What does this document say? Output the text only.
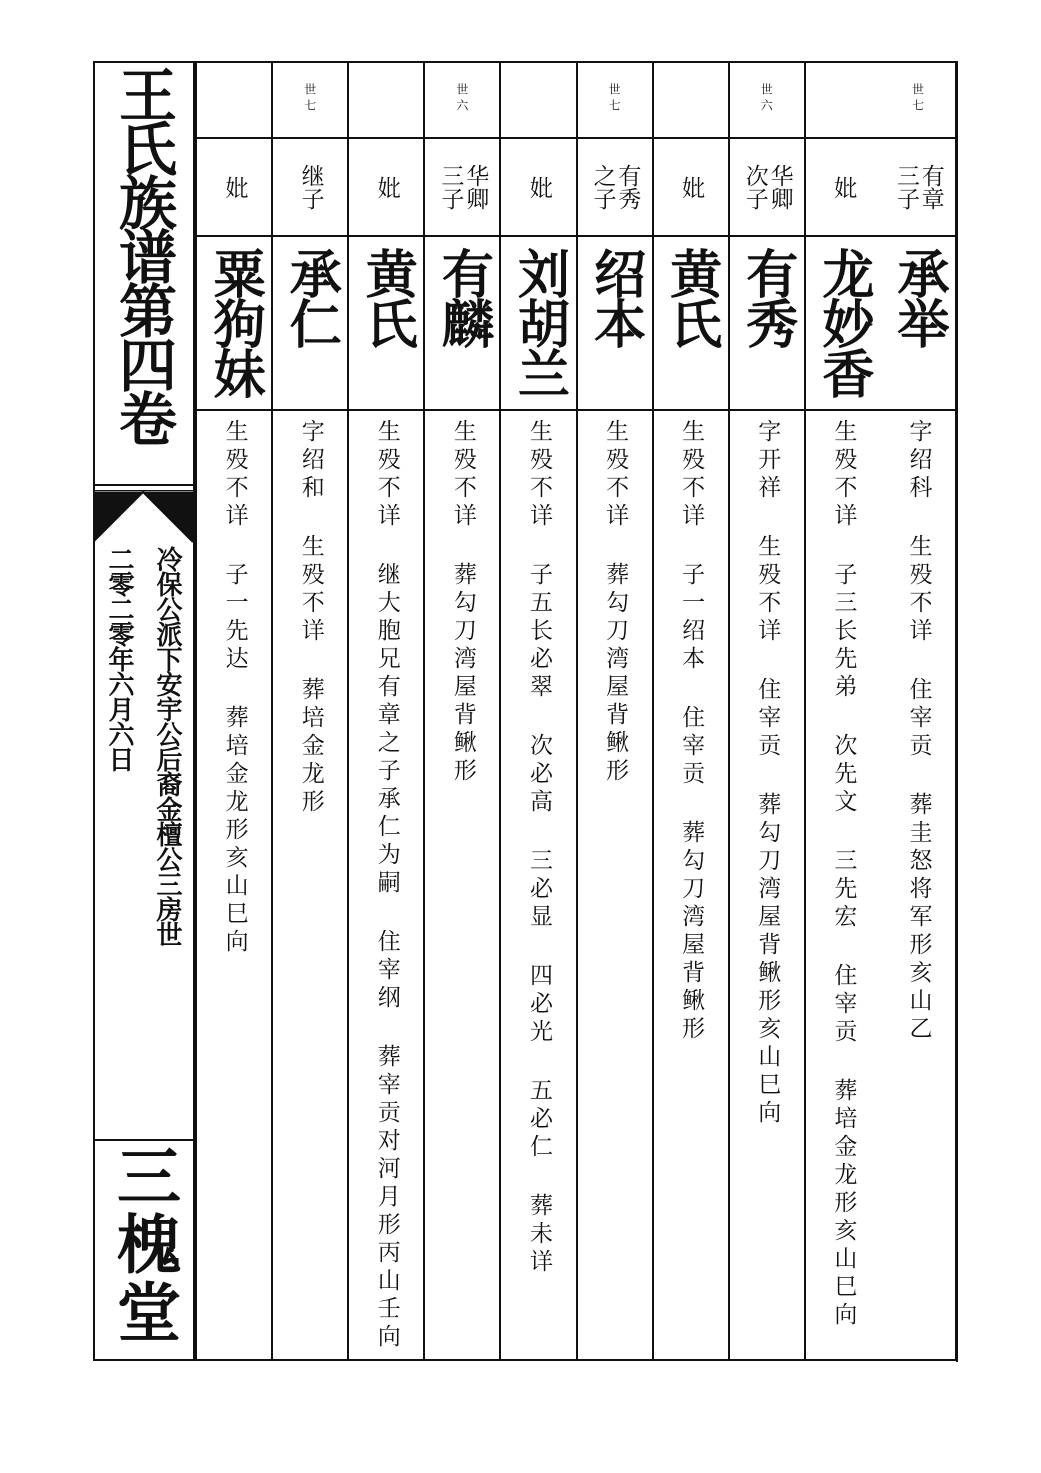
王氏族谱第四卷
冷保公派下安宇公后裔金檀公三房世
二零二零年六月六日
三槐堂
世七
有章
三子
承举
字绍科 生殁不详 住宰贡 葬圭怒将军形亥山乙
妣
龙妙香
生殁不详 子三长先弟 次先文 三先宏 住宰贡 葬培金龙形亥山巳向
世六
华卿
次子
有秀
字开祥 生殁不详 住宰贡 葬勾刀湾屋背鳅形亥山巳向
妣
黄氏
生殁不详 子一绍本 住宰贡 葬勾刀湾屋背鳅形
世七
有秀
之子
绍本
生殁不详 葬勾刀湾屋背鳅形
妣
刘胡兰
生殁不详 子五长必翠 次必高 三必显 四必光 五必仁 葬未详
世六
华卿
三子
有麟
生殁不详 葬勾刀湾屋背鳅形
妣
黄氏
生殁不详 继大胞兄有章之子承仁为嗣 住宰纲 葬宰贡对河月形丙山壬向
世七
继子
承仁
字绍和 生殁不详 葬培金龙形
妣
粟狗妹
生殁不详 子一先达 葬培金龙形亥山巳向
